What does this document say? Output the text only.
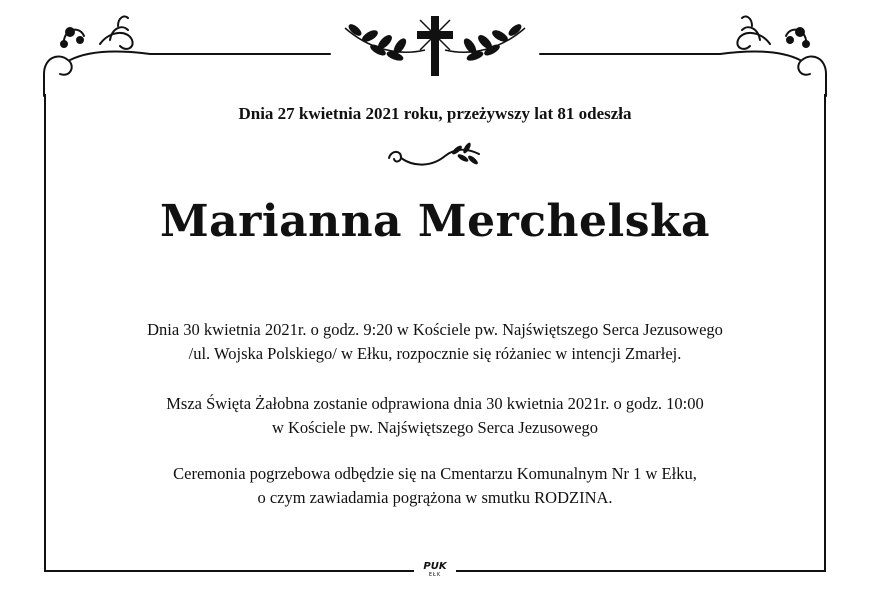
Dnia 27 kwietnia 2021 roku, przeżywszy lat 81 odeszła
Marianna Merchelska
Dnia 30 kwietnia 2021r. o godz. 9:20 w Kościele pw. Najświętszego Serca Jezusowego
/ul. Wojska Polskiego/ w Ełku, rozpocznie się różaniec w intencji Zmarłej.
Msza Święta Żałobna zostanie odprawiona dnia 30 kwietnia 2021r. o godz. 10:00
w Kościele pw. Najświętszego Serca Jezusowego
Ceremonia pogrzebowa odbędzie się na Cmentarzu Komunalnym Nr 1 w Ełku,
o czym zawiadamia pogrążona w smutku RODZINA.
PUK
EŁK
